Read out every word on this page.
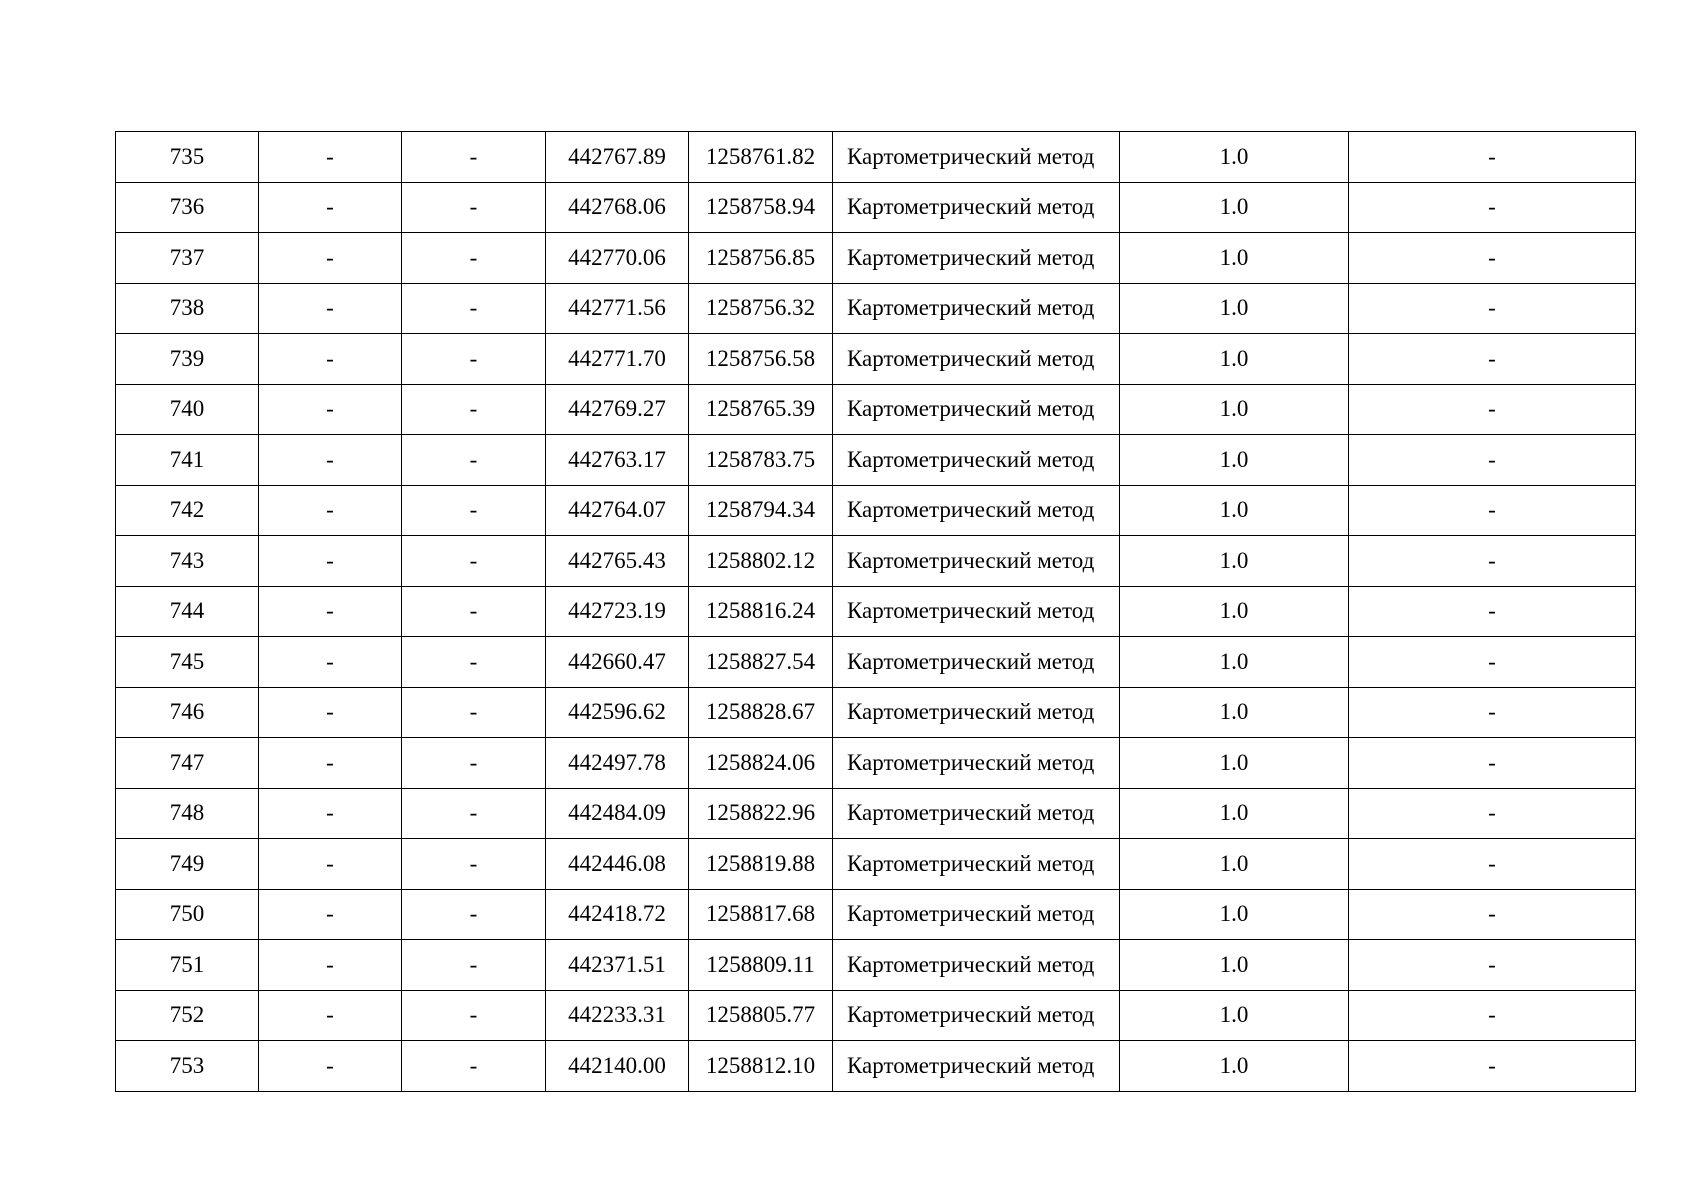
735	-	-	442767.89	1258761.82	Картометрический метод	1.0	-
736	-	-	442768.06	1258758.94	Картометрический метод	1.0	-
737	-	-	442770.06	1258756.85	Картометрический метод	1.0	-
738	-	-	442771.56	1258756.32	Картометрический метод	1.0	-
739	-	-	442771.70	1258756.58	Картометрический метод	1.0	-
740	-	-	442769.27	1258765.39	Картометрический метод	1.0	-
741	-	-	442763.17	1258783.75	Картометрический метод	1.0	-
742	-	-	442764.07	1258794.34	Картометрический метод	1.0	-
743	-	-	442765.43	1258802.12	Картометрический метод	1.0	-
744	-	-	442723.19	1258816.24	Картометрический метод	1.0	-
745	-	-	442660.47	1258827.54	Картометрический метод	1.0	-
746	-	-	442596.62	1258828.67	Картометрический метод	1.0	-
747	-	-	442497.78	1258824.06	Картометрический метод	1.0	-
748	-	-	442484.09	1258822.96	Картометрический метод	1.0	-
749	-	-	442446.08	1258819.88	Картометрический метод	1.0	-
750	-	-	442418.72	1258817.68	Картометрический метод	1.0	-
751	-	-	442371.51	1258809.11	Картометрический метод	1.0	-
752	-	-	442233.31	1258805.77	Картометрический метод	1.0	-
753	-	-	442140.00	1258812.10	Картометрический метод	1.0	-
